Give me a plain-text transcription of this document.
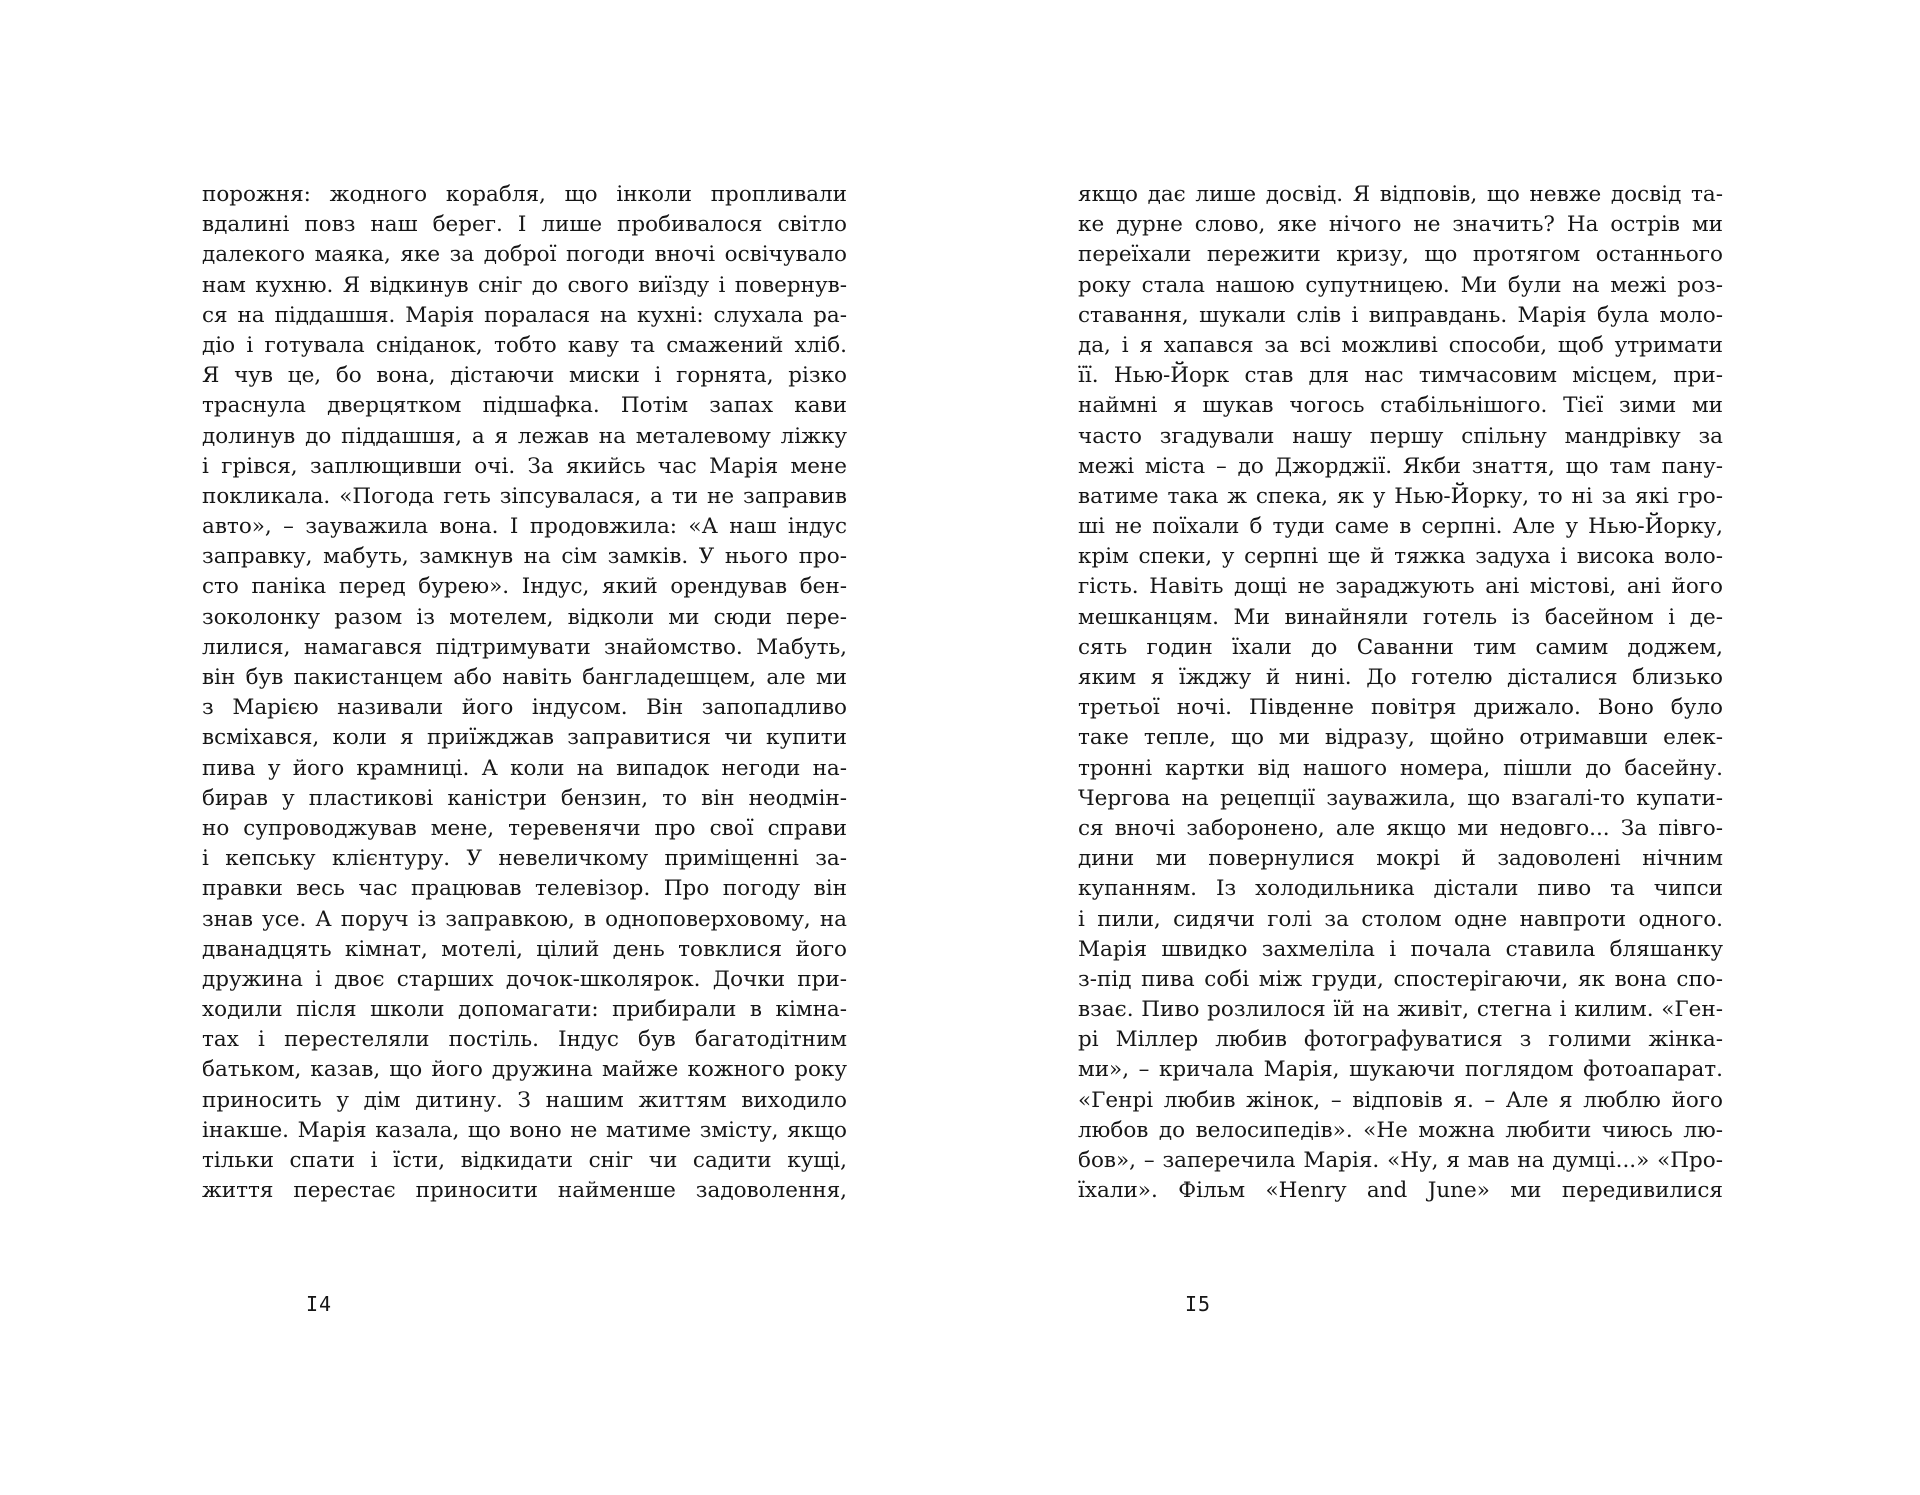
порожня: жодного корабля, що інколи пропливали
вдалині повз наш берег. І лише пробивалося світло
далекого маяка, яке за доброї погоди вночі освічувало
нам кухню. Я відкинув сніг до свого виїзду і повернув-
ся на піддашшя. Марія поралася на кухні: слухала ра-
діо і готувала сніданок, тобто каву та смажений хліб.
Я чув це, бо вона, дістаючи миски і горнята, різко
траснула дверцятком підшафка. Потім запах кави
долинув до піддашшя, а я лежав на металевому ліжку
і грівся, заплющивши очі. За якийсь час Марія мене
покликала. «Погода геть зіпсувалася, а ти не заправив
авто», – зауважила вона. І продовжила: «А наш індус
заправку, мабуть, замкнув на сім замків. У нього про-
сто паніка перед бурею». Індус, який орендував бен-
зоколонку разом із мотелем, відколи ми сюди пере-
лилися, намагався підтримувати знайомство. Мабуть,
він був пакистанцем або навіть бангладешцем, але ми
з Марією називали його індусом. Він запопадливо
всміхався, коли я приїжджав заправитися чи купити
пива у його крамниці. А коли на випадок негоди на-
бирав у пластикові каністри бензин, то він неодмін-
но супроводжував мене, теревенячи про свої справи
і кепську клієнтуру. У невеличкому приміщенні за-
правки весь час працював телевізор. Про погоду він
знав усе. А поруч із заправкою, в одноповерховому, на
дванадцять кімнат, мотелі, цілий день товклися його
дружина і двоє старших дочок-школярок. Дочки при-
ходили після школи допомагати: прибирали в кімна-
тах і перестеляли постіль. Індус був багатодітним
батьком, казав, що його дружина майже кожного року
приносить у дім дитину. З нашим життям виходило
інакше. Марія казала, що воно не матиме змісту, якщо
тільки спати і їсти, відкидати сніг чи садити кущі,
життя перестає приносити найменше задоволення,
якщо дає лише досвід. Я відповів, що невже досвід та-
ке дурне слово, яке нічого не значить? На острів ми
переїхали пережити кризу, що протягом останнього
року стала нашою супутницею. Ми були на межі роз-
ставання, шукали слів і виправдань. Марія була моло-
да, і я хапався за всі можливі способи, щоб утримати
її. Нью-Йорк став для нас тимчасовим місцем, при-
наймні я шукав чогось стабільнішого. Тієї зими ми
часто згадували нашу першу спільну мандрівку за
межі міста – до Джорджії. Якби знаття, що там пану-
ватиме така ж спека, як у Нью-Йорку, то ні за які гро-
ші не поїхали б туди саме в серпні. Але у Нью-Йорку,
крім спеки, у серпні ще й тяжка задуха і висока воло-
гість. Навіть дощі не зараджують ані містові, ані його
мешканцям. Ми винайняли готель із басейном і де-
сять годин їхали до Саванни тим самим доджем,
яким я їжджу й нині. До готелю дісталися близько
третьої ночі. Південне повітря дрижало. Воно було
таке тепле, що ми відразу, щойно отримавши елек-
тронні картки від нашого номера, пішли до басейну.
Чергова на рецепції зауважила, що взагалі-то купати-
ся вночі заборонено, але якщо ми недовго... За півго-
дини ми повернулися мокрі й задоволені нічним
купанням. Із холодильника дістали пиво та чипси
і пили, сидячи голі за столом одне навпроти одного.
Марія швидко захмеліла і почала ставила бляшанку
з-під пива собі між груди, спостерігаючи, як вона спо-
взає. Пиво розлилося їй на живіт, стегна і килим. «Ген-
рі Міллер любив фотографуватися з голими жінка-
ми», – кричала Марія, шукаючи поглядом фотоапарат.
«Генрі любив жінок, – відповів я. – Але я люблю його
любов до велосипедів». «Не можна любити чиюсь лю-
бов», – заперечила Марія. «Ну, я мав на думці...» «Про-
їхали». Фільм «Henry and June» ми передивилися
I4	I5
